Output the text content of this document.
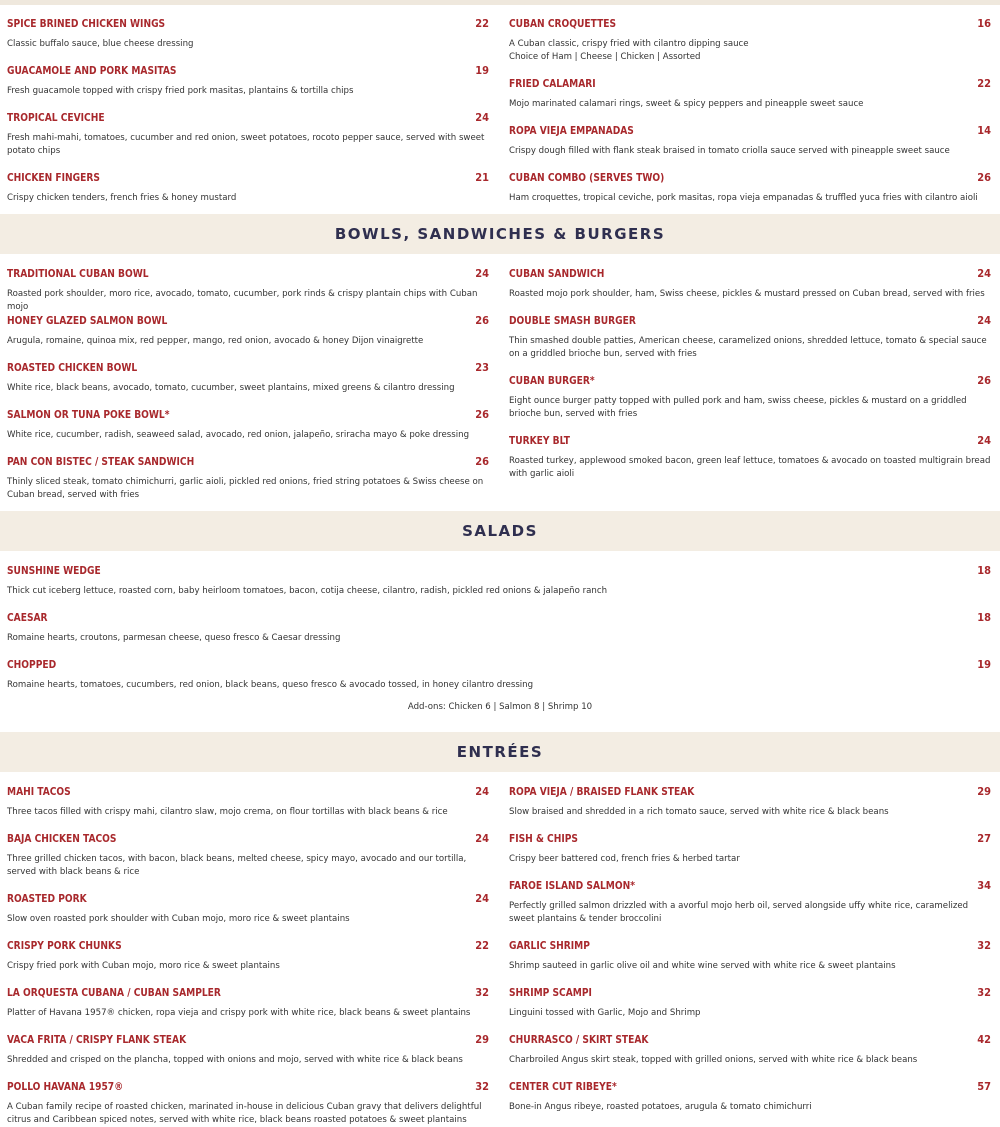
BOWLS, SANDWICHES & BURGERS
SALADS
ENTRÉES
SPICE BRINED CHICKEN WINGS	22
Classic buffalo sauce, blue cheese dressing
GUACAMOLE AND PORK MASITAS	19
Fresh guacamole topped with crispy fried pork masitas, plantains & tortilla chips
TROPICAL CEVICHE	24
Fresh mahi-mahi, tomatoes, cucumber and red onion, sweet potatoes, rocoto pepper sauce, served with sweet potato chips
CHICKEN FINGERS	21
Crispy chicken tenders, french fries & honey mustard
CUBAN CROQUETTES	16
A Cuban classic, crispy fried with cilantro dipping sauce
Choice of Ham | Cheese | Chicken | Assorted
FRIED CALAMARI	22
Mojo marinated calamari rings, sweet & spicy peppers and pineapple sweet sauce
ROPA VIEJA EMPANADAS	14
Crispy dough filled with flank steak braised in tomato criolla sauce served with pineapple sweet sauce
CUBAN COMBO (SERVES TWO)	26
Ham croquettes, tropical ceviche, pork masitas, ropa vieja empanadas & truffled yuca fries with cilantro aioli
TRADITIONAL CUBAN BOWL	24
Roasted pork shoulder, moro rice, avocado, tomato, cucumber, pork rinds & crispy plantain chips with Cuban mojo
HONEY GLAZED SALMON BOWL	26
Arugula, romaine, quinoa mix, red pepper, mango, red onion, avocado & honey Dijon vinaigrette
ROASTED CHICKEN BOWL	23
White rice, black beans, avocado, tomato, cucumber, sweet plantains, mixed greens & cilantro dressing
SALMON OR TUNA POKE BOWL*	26
White rice, cucumber, radish, seaweed salad, avocado, red onion, jalapeño, sriracha mayo & poke dressing
PAN CON BISTEC / STEAK SANDWICH	26
Thinly sliced steak, tomato chimichurri, garlic aioli, pickled red onions, fried string potatoes & Swiss cheese on Cuban bread, served with fries
CUBAN SANDWICH	24
Roasted mojo pork shoulder, ham, Swiss cheese, pickles & mustard pressed on Cuban bread, served with fries
DOUBLE SMASH BURGER	24
Thin smashed double patties, American cheese, caramelized onions, shredded lettuce, tomato & special sauce on a griddled brioche bun, served with fries
CUBAN BURGER*	26
Eight ounce burger patty topped with pulled pork and ham, swiss cheese, pickles & mustard on a griddled brioche bun, served with fries
TURKEY BLT	24
Roasted turkey, applewood smoked bacon, green leaf lettuce, tomatoes & avocado on toasted multigrain bread with garlic aioli
SUNSHINE WEDGE	18
Thick cut iceberg lettuce, roasted corn, baby heirloom tomatoes, bacon, cotija cheese, cilantro, radish, pickled red onions & jalapeño ranch
CAESAR	18
Romaine hearts, croutons, parmesan cheese, queso fresco & Caesar dressing
CHOPPED	19
Romaine hearts, tomatoes, cucumbers, red onion, black beans, queso fresco & avocado tossed, in honey cilantro dressing
MAHI TACOS	24
Three tacos filled with crispy mahi, cilantro slaw, mojo crema, on flour tortillas with black beans & rice
BAJA CHICKEN TACOS	24
Three grilled chicken tacos, with bacon, black beans, melted cheese, spicy mayo, avocado and our tortilla, served with black beans & rice
ROASTED PORK	24
Slow oven roasted pork shoulder with Cuban mojo, moro rice & sweet plantains
CRISPY PORK CHUNKS	22
Crispy fried pork with Cuban mojo, moro rice & sweet plantains
LA ORQUESTA CUBANA / CUBAN SAMPLER	32
Platter of Havana 1957® chicken, ropa vieja and crispy pork with white rice, black beans & sweet plantains
VACA FRITA / CRISPY FLANK STEAK	29
Shredded and crisped on the plancha, topped with onions and mojo, served with white rice & black beans
POLLO HAVANA 1957®	32
A Cuban family recipe of roasted chicken, marinated in-house in delicious Cuban gravy that delivers delightful citrus and Caribbean spiced notes, served with white rice, black beans roasted potatoes & sweet plantains
ROPA VIEJA / BRAISED FLANK STEAK	29
Slow braised and shredded in a rich tomato sauce, served with white rice & black beans
FISH & CHIPS	27
Crispy beer battered cod, french fries & herbed tartar
FAROE ISLAND SALMON*	34
Perfectly grilled salmon drizzled with a avorful mojo herb oil, served alongside uffy white rice, caramelized sweet plantains & tender broccolini
GARLIC SHRIMP	32
Shrimp sauteed in garlic olive oil and white wine served with white rice & sweet plantains
SHRIMP SCAMPI	32
Linguini tossed with Garlic, Mojo and Shrimp
CHURRASCO / SKIRT STEAK	42
Charbroiled Angus skirt steak, topped with grilled onions, served with white rice & black beans
CENTER CUT RIBEYE*	57
Bone-in Angus ribeye, roasted potatoes, arugula & tomato chimichurri
Add-ons: Chicken 6 | Salmon 8 | Shrimp 10
